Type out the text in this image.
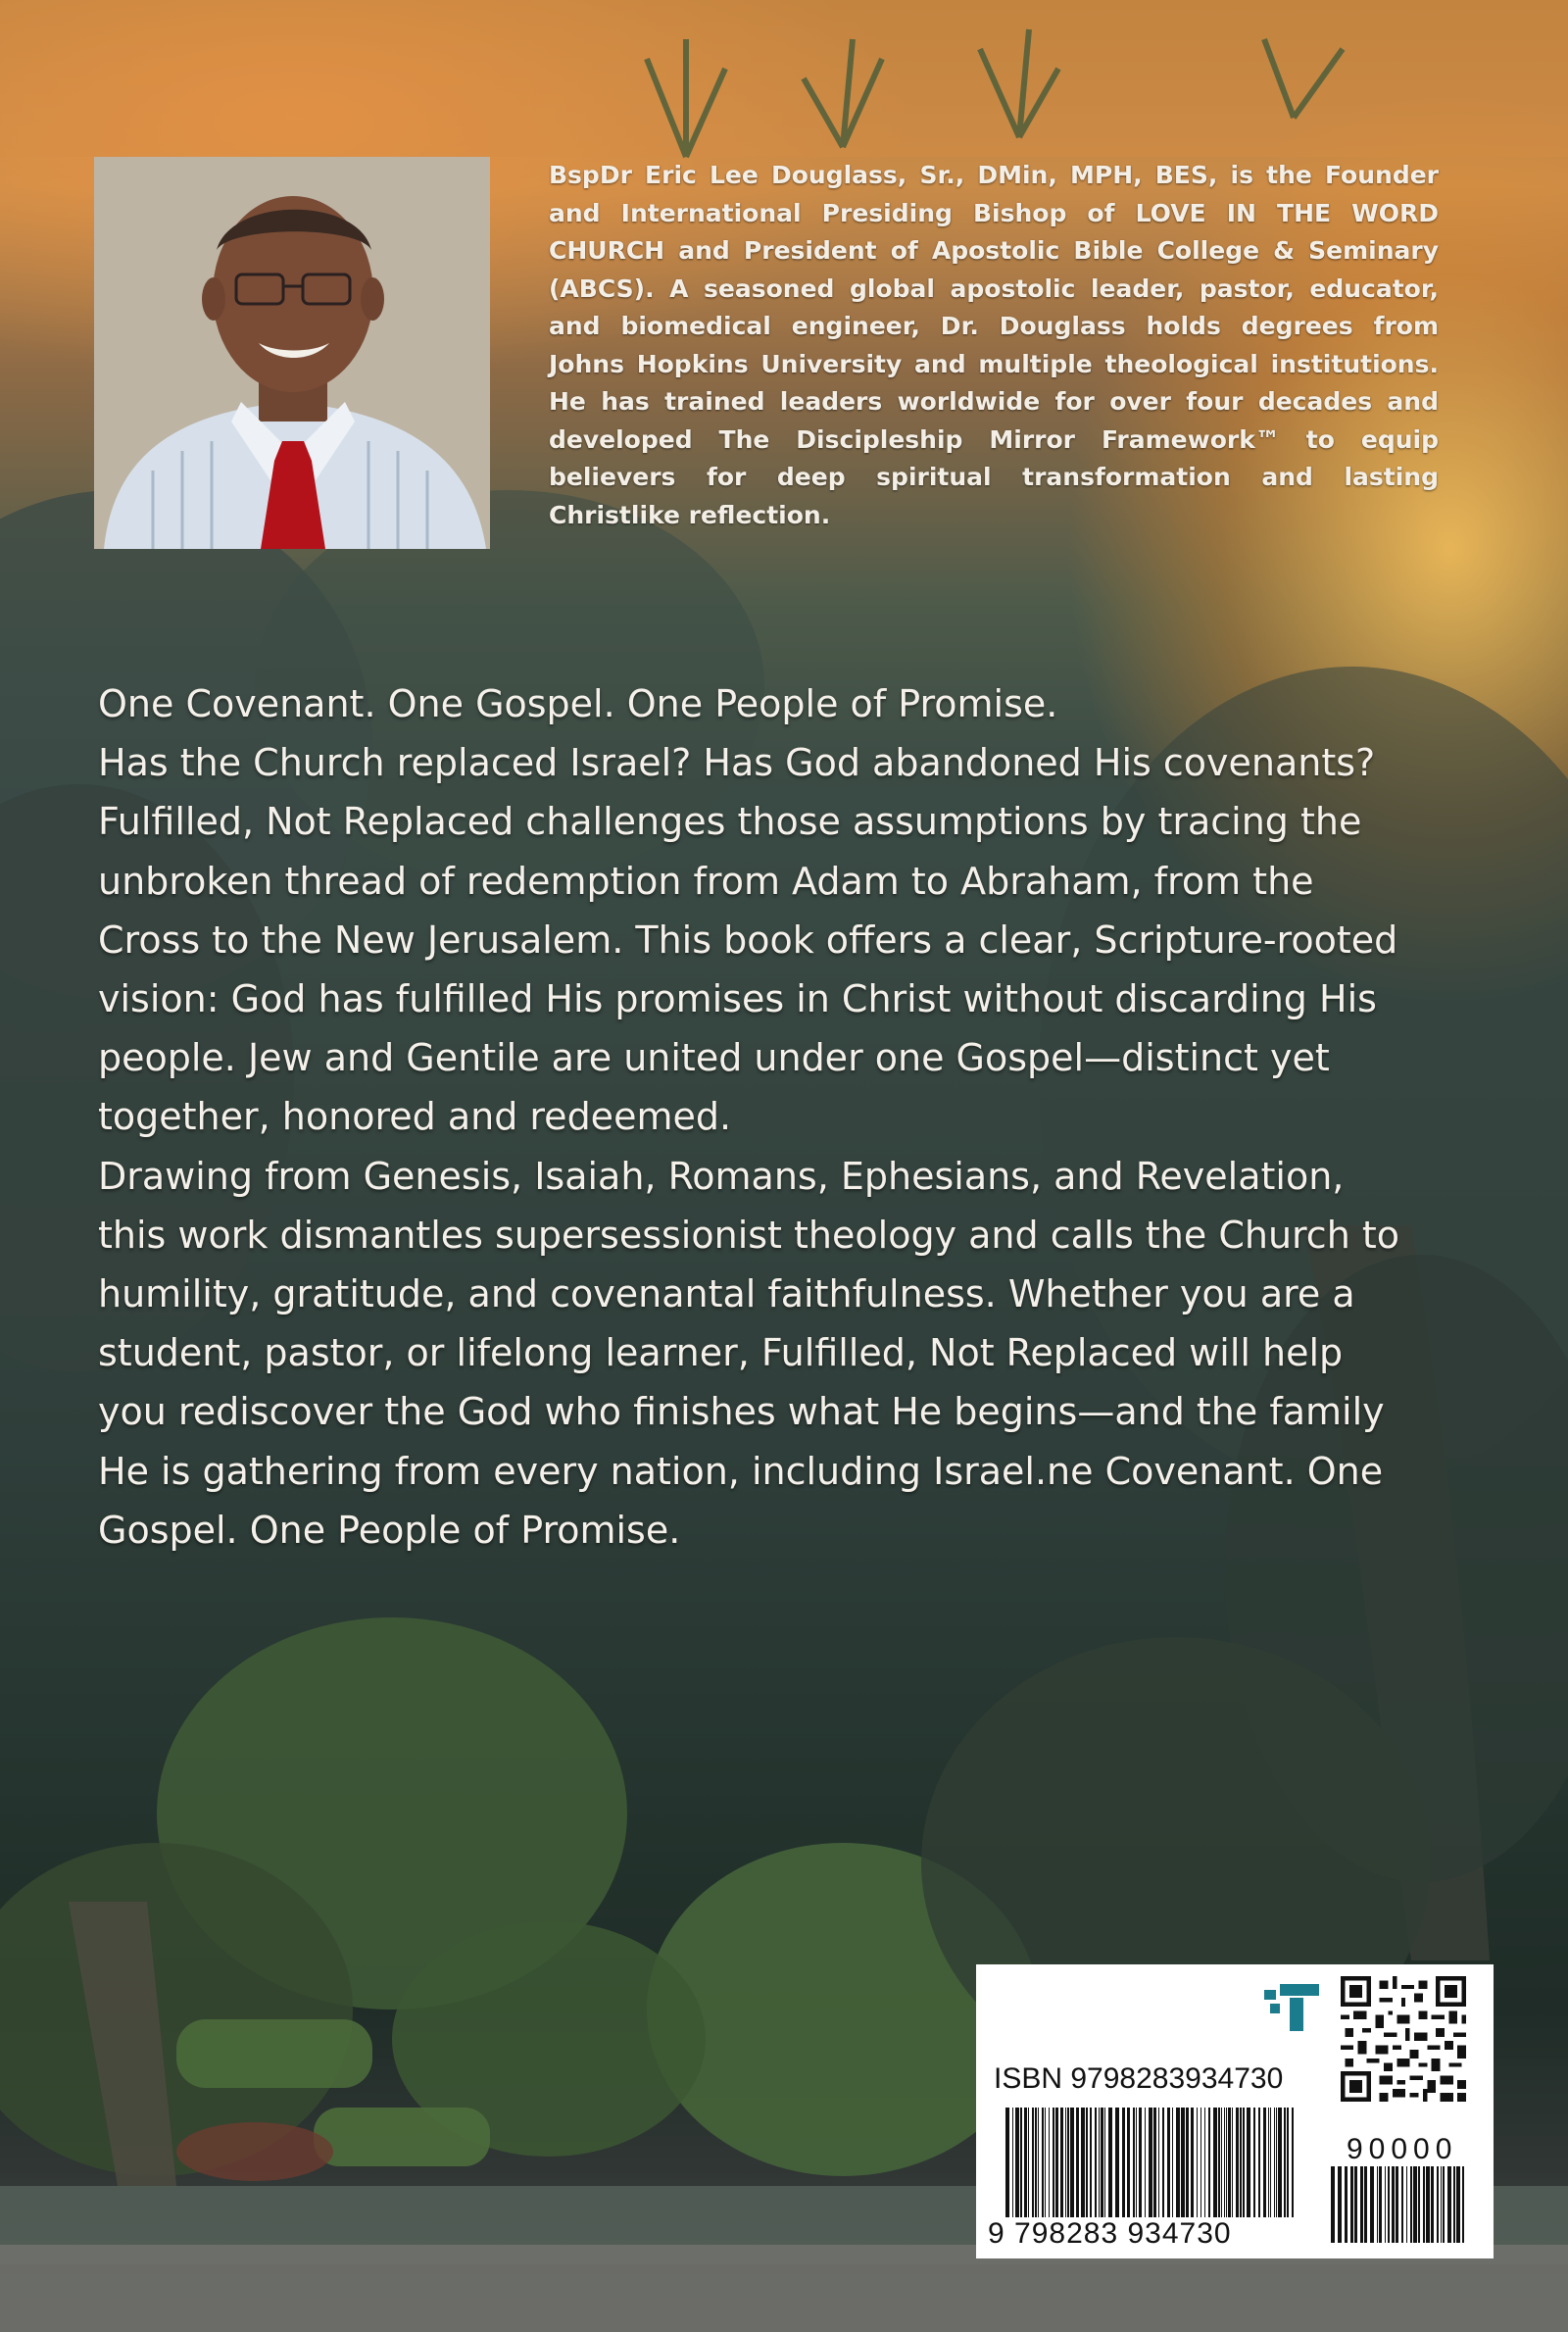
BspDr Eric Lee Douglass, Sr., DMin, MPH, BES, is the Founder and International Presiding Bishop of LOVE IN THE WORD CHURCH and President of Apostolic Bible College & Seminary (ABCS). A seasoned global apostolic leader, pastor, educator, and biomedical engineer, Dr. Douglass holds degrees from Johns Hopkins University and multiple theological institutions. He has trained leaders worldwide for over four decades and developed The Discipleship Mirror Framework™ to equip believers for deep spiritual transformation and lasting Christlike reflection.

One Covenant. One Gospel. One People of Promise.

Has the Church replaced Israel? Has God abandoned His covenants? Fulfilled, Not Replaced challenges those assumptions by tracing the unbroken thread of redemption from Adam to Abraham, from the Cross to the New Jerusalem. This book offers a clear, Scripture-rooted vision: God has fulfilled His promises in Christ without discarding His people. Jew and Gentile are united under one Gospel—distinct yet together, honored and redeemed.

Drawing from Genesis, Isaiah, Romans, Ephesians, and Revelation, this work dismantles supersessionist theology and calls the Church to humility, gratitude, and covenantal faithfulness. Whether you are a student, pastor, or lifelong learner, Fulfilled, Not Replaced will help you rediscover the God who finishes what He begins—and the family He is gathering from every nation, including Israel.ne Covenant. One Gospel. One People of Promise.

ISBN 9798283934730
9 798283 934730
90000
